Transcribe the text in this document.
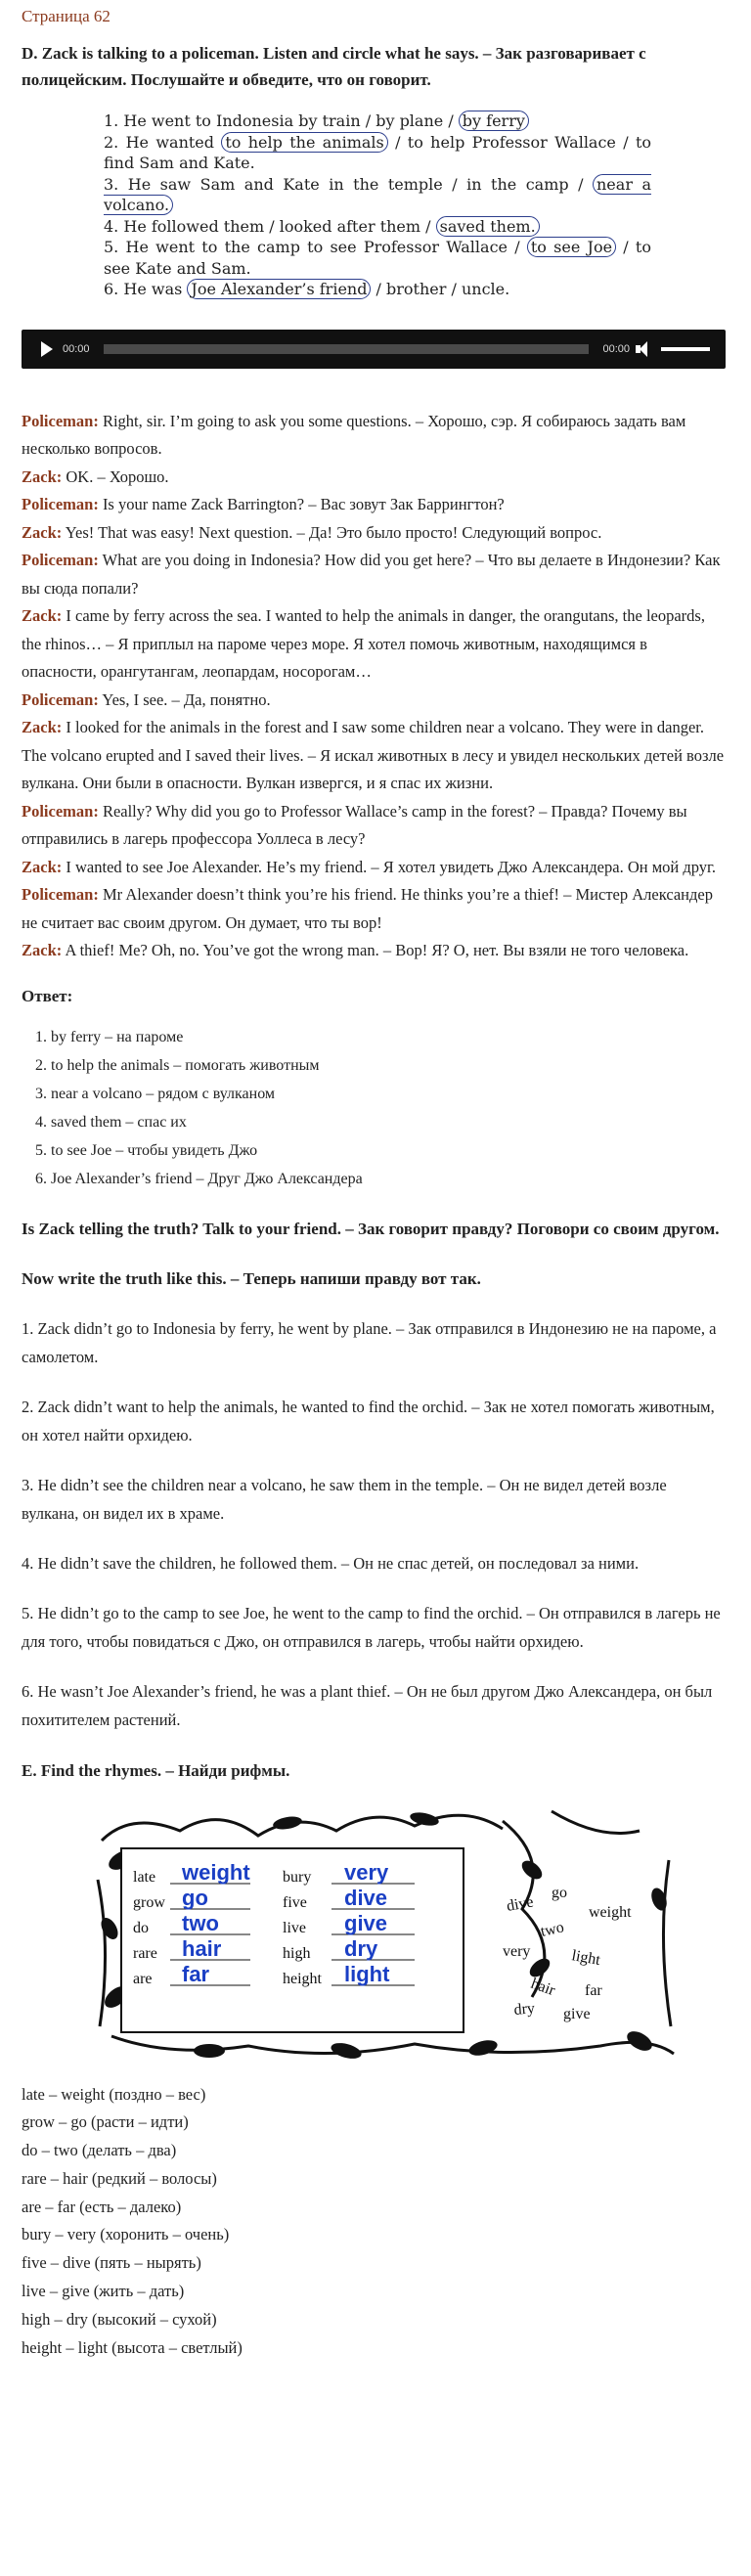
Страница 62
D. Zack is talking to a policeman. Listen and circle what he says. – Зак разговаривает с полицейским. Послушайте и обведите, что он говорит.
1. He went to Indonesia by train / by plane / by ferry
2. He wanted to help the animals / to help Professor Wallace / to find Sam and Kate.
3. He saw Sam and Kate in the temple / in the camp / near a volcano.
4. He followed them / looked after them / saved them.
5. He went to the camp to see Professor Wallace / to see Joe / to see Kate and Sam.
6. He was Joe Alexander’s friend / brother / uncle.
00:00	00:00
Policeman: Right, sir. I’m going to ask you some questions. – Хорошо, сэр. Я собираюсь задать вам несколько вопросов.
Zack: OK. – Хорошо.
Policeman: Is your name Zack Barrington? – Вас зовут Зак Баррингтон?
Zack: Yes! That was easy! Next question. – Да! Это было просто! Следующий вопрос.
Policeman: What are you doing in Indonesia? How did you get here? – Что вы делаете в Индонезии? Как вы сюда попали?
Zack: I came by ferry across the sea. I wanted to help the animals in danger, the orangutans, the leopards, the rhinos… – Я приплыл на пароме через море. Я хотел помочь животным, находящимся в опасности, орангутангам, леопардам, носорогам…
Policeman: Yes, I see. – Да, понятно.
Zack: I looked for the animals in the forest and I saw some children near a volcano. They were in danger. The volcano erupted and I saved their lives. – Я искал животных в лесу и увидел нескольких детей возле вулкана. Они были в опасности. Вулкан извергся, и я спас их жизни.
Policeman: Really? Why did you go to Professor Wallace’s camp in the forest? – Правда? Почему вы отправились в лагерь профессора Уоллеса в лесу?
Zack: I wanted to see Joe Alexander. He’s my friend. – Я хотел увидеть Джо Александера. Он мой друг.
Policeman: Mr Alexander doesn’t think you’re his friend. He thinks you’re a thief! – Мистер Александер не считает вас своим другом. Он думает, что ты вор!
Zack: A thief! Me? Oh, no. You’ve got the wrong man. – Вор! Я? О, нет. Вы взяли не того человека.
Ответ:
1. by ferry – на пароме
2. to help the animals – помогать животным
3. near a volcano – рядом с вулканом
4. saved them – спас их
5. to see Joe – чтобы увидеть Джо
6. Joe Alexander’s friend – Друг Джо Александера
Is Zack telling the truth? Talk to your friend. – Зак говорит правду? Поговори со своим другом.
Now write the truth like this. – Теперь напиши правду вот так.

1. Zack didn’t go to Indonesia by ferry, he went by plane. – Зак отправился в Индонезию не на пароме, а самолетом.

2. Zack didn’t want to help the animals, he wanted to find the orchid. – Зак не хотел помогать животным, он хотел найти орхидею.

3. He didn’t see the children near a volcano, he saw them in the temple. – Он не видел детей возле вулкана, он видел их в храме.

4. He didn’t save the children, he followed them. – Он не спас детей, он последовал за ними.

5. He didn’t go to the camp to see Joe, he went to the camp to find the orchid. – Он отправился в лагерь не для того, чтобы повидаться с Джо, он отправился в лагерь, чтобы найти орхидею.

6. He wasn’t Joe Alexander’s friend, he was a plant thief. – Он не был другом Джо Александера, он был похитителем растений.

E. Find the rhymes. – Найди рифмы.
late weight
grow go
do two
rare hair
are far
bury very
five dive
live give
high dry
height light
go
dive	weight
two
very	light
hair far
dry give
late – weight (поздно – вес)
grow – go (расти – идти)
do – two (делать – два)
rare – hair (редкий – волосы)
are – far (есть – далеко)
bury – very (хоронить – очень)
five – dive (пять – нырять)
live – give (жить – дать)
high – dry (высокий – сухой)
height – light (высота – светлый)
